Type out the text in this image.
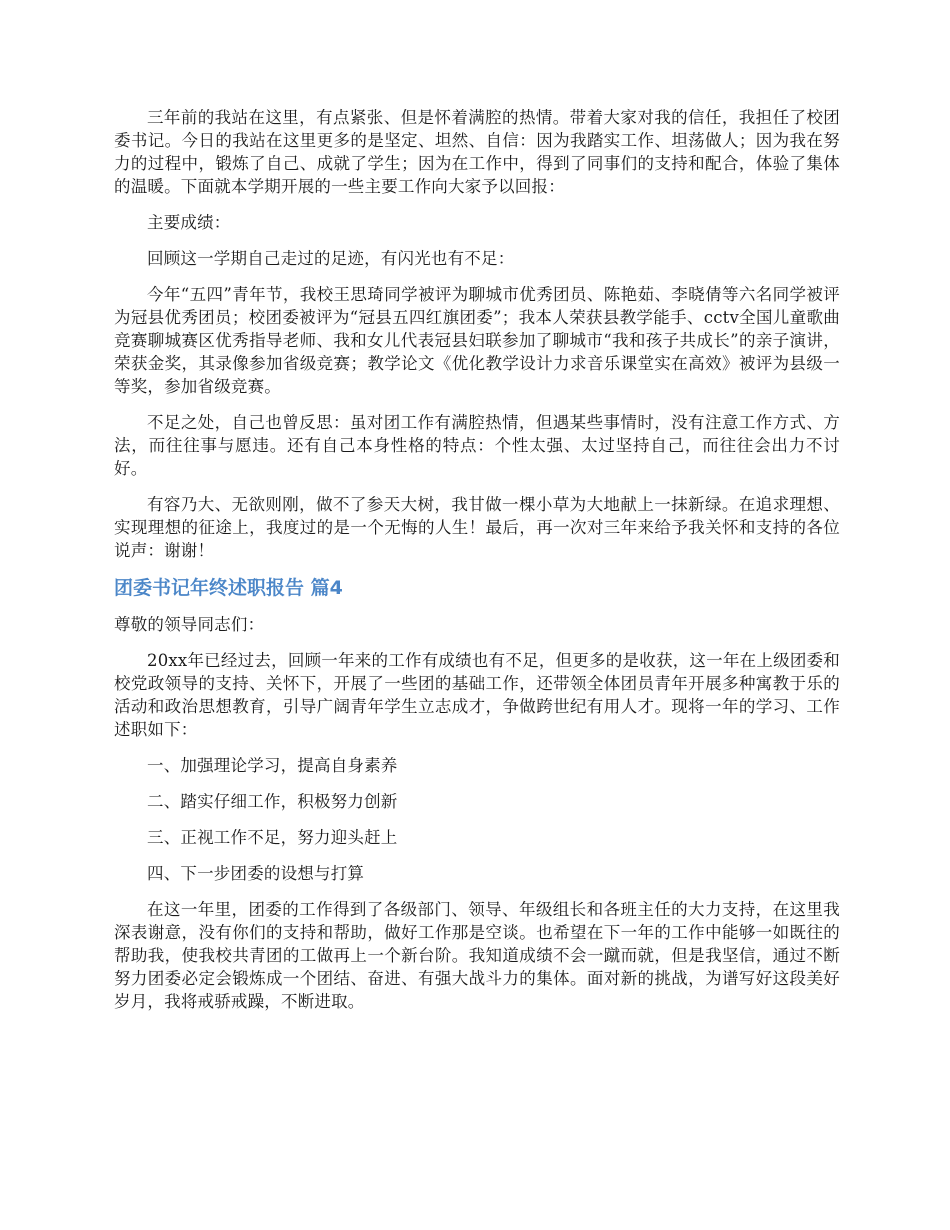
三年前的我站在这里，有点紧张、但是怀着满腔的热情。带着大家对我的信任，我担任了校团委书记。今日的我站在这里更多的是坚定、坦然、自信：因为我踏实工作、坦荡做人；因为我在努力的过程中，锻炼了自己、成就了学生；因为在工作中，得到了同事们的支持和配合，体验了集体的温暖。下面就本学期开展的一些主要工作向大家予以回报：

主要成绩：

回顾这一学期自己走过的足迹，有闪光也有不足：

今年“五四”青年节，我校王思琦同学被评为聊城市优秀团员、陈艳茹、李晓倩等六名同学被评为冠县优秀团员；校团委被评为“冠县五四红旗团委”；我本人荣获县教学能手、cctv全国儿童歌曲竞赛聊城赛区优秀指导老师、我和女儿代表冠县妇联参加了聊城市“我和孩子共成长”的亲子演讲，荣获金奖，其录像参加省级竞赛；教学论文《优化教学设计力求音乐课堂实在高效》被评为县级一等奖，参加省级竞赛。

不足之处，自己也曾反思：虽对团工作有满腔热情，但遇某些事情时，没有注意工作方式、方法，而往往事与愿违。还有自己本身性格的特点：个性太强、太过坚持自己，而往往会出力不讨好。

有容乃大、无欲则刚，做不了参天大树，我甘做一棵小草为大地献上一抹新绿。在追求理想、实现理想的征途上，我度过的是一个无悔的人生！最后，再一次对三年来给予我关怀和支持的各位说声：谢谢！

团委书记年终述职报告 篇4

尊敬的领导同志们：

20xx年已经过去，回顾一年来的工作有成绩也有不足，但更多的是收获，这一年在上级团委和校党政领导的支持、关怀下，开展了一些团的基础工作，还带领全体团员青年开展多种寓教于乐的活动和政治思想教育，引导广阔青年学生立志成才，争做跨世纪有用人才。现将一年的学习、工作述职如下：

一、加强理论学习，提高自身素养

二、踏实仔细工作，积极努力创新

三、正视工作不足，努力迎头赶上

四、下一步团委的设想与打算

在这一年里，团委的工作得到了各级部门、领导、年级组长和各班主任的大力支持，在这里我深表谢意，没有你们的支持和帮助，做好工作那是空谈。也希望在下一年的工作中能够一如既往的帮助我，使我校共青团的工做再上一个新台阶。我知道成绩不会一蹴而就，但是我坚信，通过不断努力团委必定会锻炼成一个团结、奋进、有强大战斗力的集体。面对新的挑战，为谱写好这段美好岁月，我将戒骄戒躁，不断进取。
